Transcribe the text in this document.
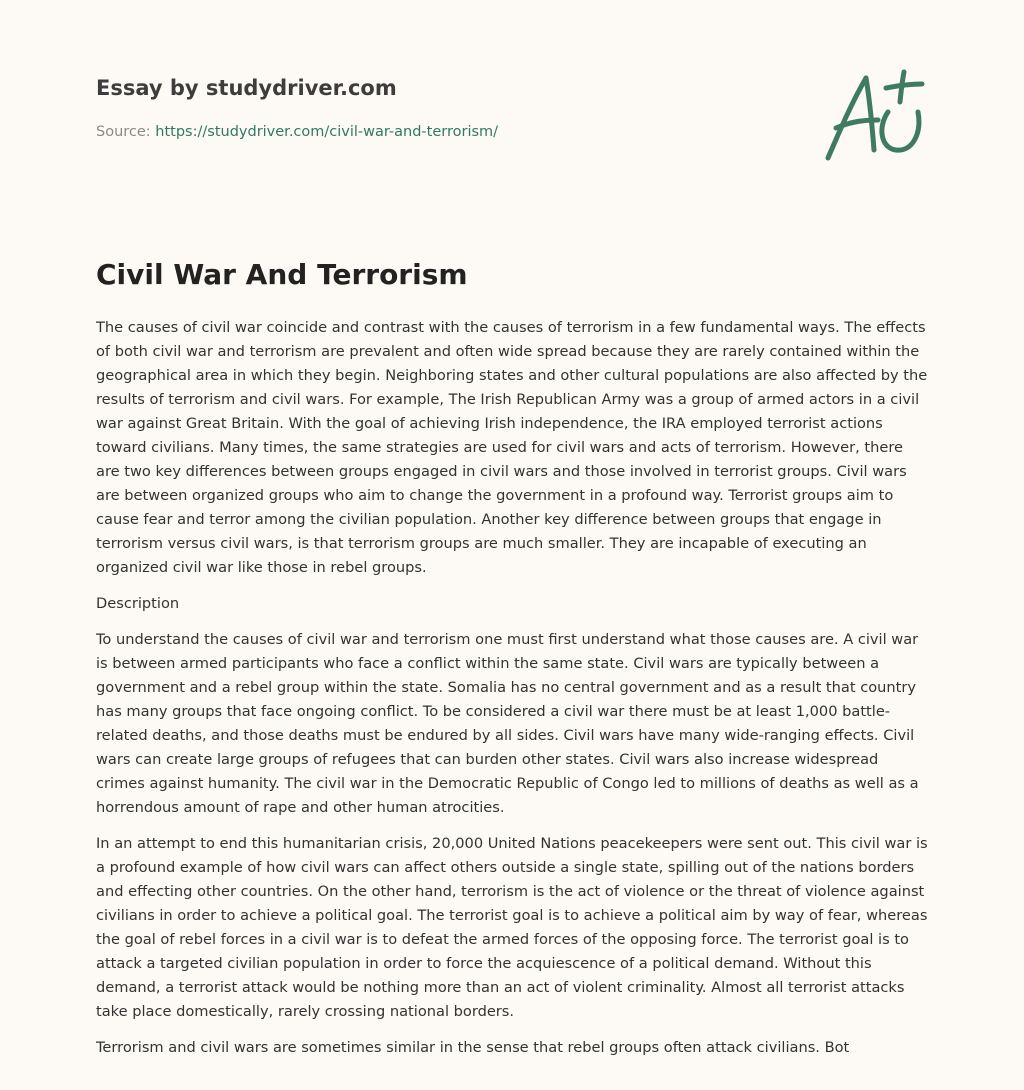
Essay by studydriver.com
Source: https://studydriver.com/civil-war-and-terrorism/
Civil War And Terrorism

The causes of civil war coincide and contrast with the causes of terrorism in a few fundamental ways. The effects of both civil war and terrorism are prevalent and often wide spread because they are rarely contained within the geographical area in which they begin. Neighboring states and other cultural populations are also affected by the results of terrorism and civil wars. For example, The Irish Republican Army was a group of armed actors in a civil war against Great Britain. With the goal of achieving Irish independence, the IRA employed terrorist actions toward civilians. Many times, the same strategies are used for civil wars and acts of terrorism. However, there are two key differences between groups engaged in civil wars and those involved in terrorist groups. Civil wars are between organized groups who aim to change the government in a profound way. Terrorist groups aim to cause fear and terror among the civilian population. Another key difference between groups that engage in terrorism versus civil wars, is that terrorism groups are much smaller. They are incapable of executing an organized civil war like those in rebel groups.

Description

To understand the causes of civil war and terrorism one must first understand what those causes are. A civil war is between armed participants who face a conflict within the same state. Civil wars are typically between a government and a rebel group within the state. Somalia has no central government and as a result that country has many groups that face ongoing conflict. To be considered a civil war there must be at least 1,000 battle-related deaths, and those deaths must be endured by all sides. Civil wars have many wide-ranging effects. Civil wars can create large groups of refugees that can burden other states. Civil wars also increase widespread crimes against humanity. The civil war in the Democratic Republic of Congo led to millions of deaths as well as a horrendous amount of rape and other human atrocities.

In an attempt to end this humanitarian crisis, 20,000 United Nations peacekeepers were sent out. This civil war is a profound example of how civil wars can affect others outside a single state, spilling out of the nations borders and effecting other countries. On the other hand, terrorism is the act of violence or the threat of violence against civilians in order to achieve a political goal. The terrorist goal is to achieve a political aim by way of fear, whereas the goal of rebel forces in a civil war is to defeat the armed forces of the opposing force. The terrorist goal is to attack a targeted civilian population in order to force the acquiescence of a political demand. Without this demand, a terrorist attack would be nothing more than an act of violent criminality. Almost all terrorist attacks take place domestically, rarely crossing national borders.

Terrorism and civil wars are sometimes similar in the sense that rebel groups often attack civilians. Bot
